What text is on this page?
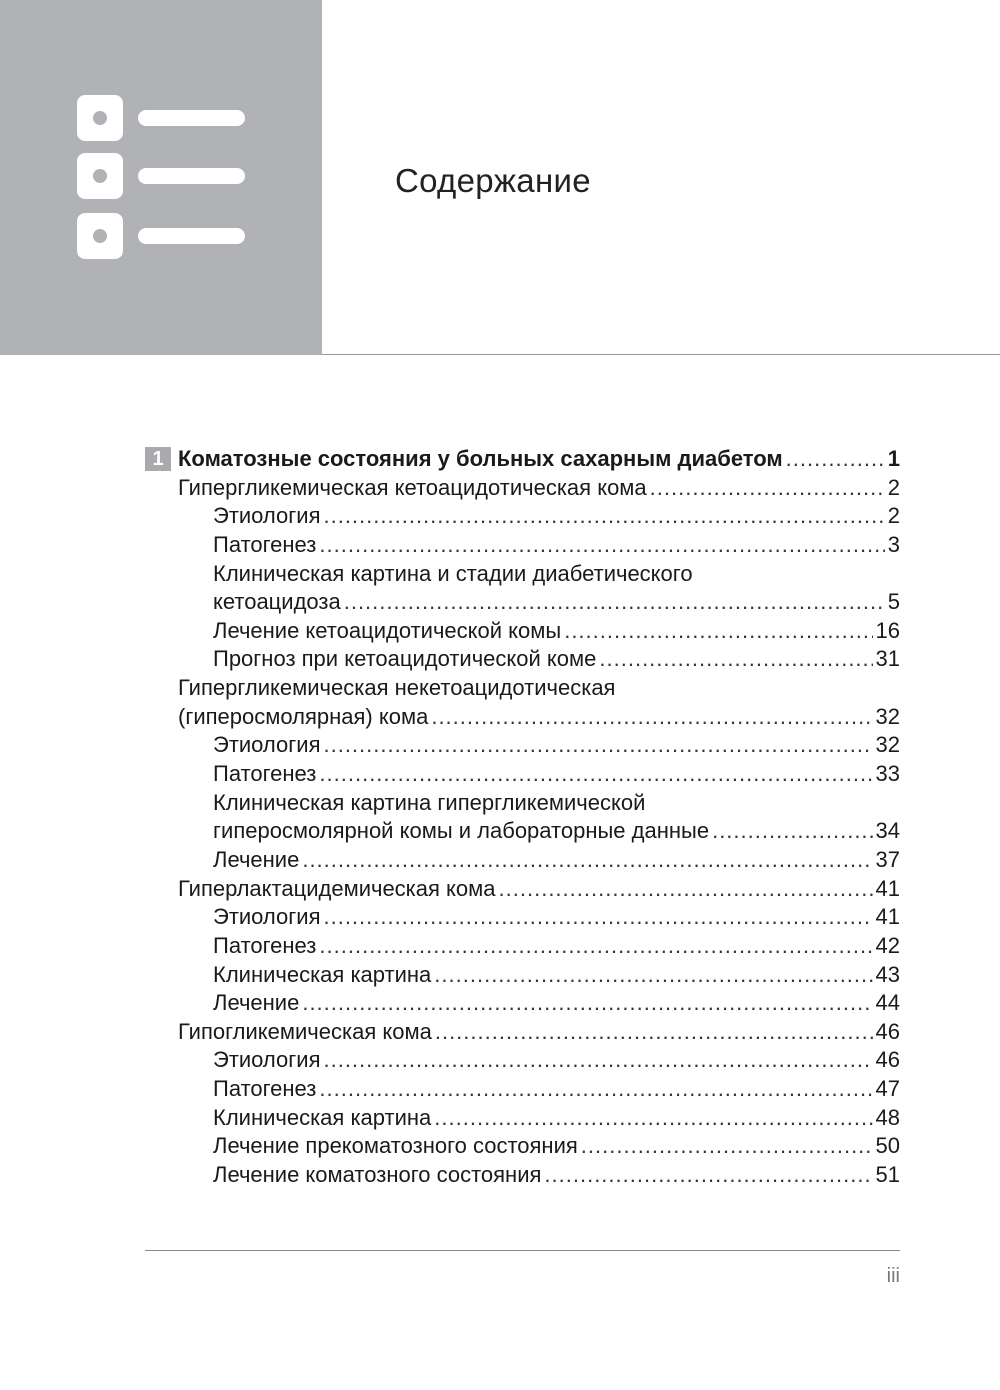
Содержание
1 Коматозные состояния у больных сахарным диабетом .....	1
Гипергликемическая кетоацидотическая кома .....	2
Этиология .....	2
Патогенез .....	3
Клиническая картина и стадии диабетического
кетоацидоза .....	5
Лечение кетоацидотической комы .....	16
Прогноз при кетоацидотической коме .....	31
Гипергликемическая некетоацидотическая
(гиперосмолярная) кома .....	32
Этиология .....	32
Патогенез .....	33
Клиническая картина гипергликемической
гиперосмолярной комы и лабораторные данные .....	34
Лечение .....	37
Гиперлактацидемическая кома .....	41
Этиология .....	41
Патогенез .....	42
Клиническая картина .....	43
Лечение .....	44
Гипогликемическая кома .....	46
Этиология .....	46
Патогенез .....	47
Клиническая картина .....	48
Лечение прекоматозного состояния .....	50
Лечение коматозного состояния .....	51
iii
